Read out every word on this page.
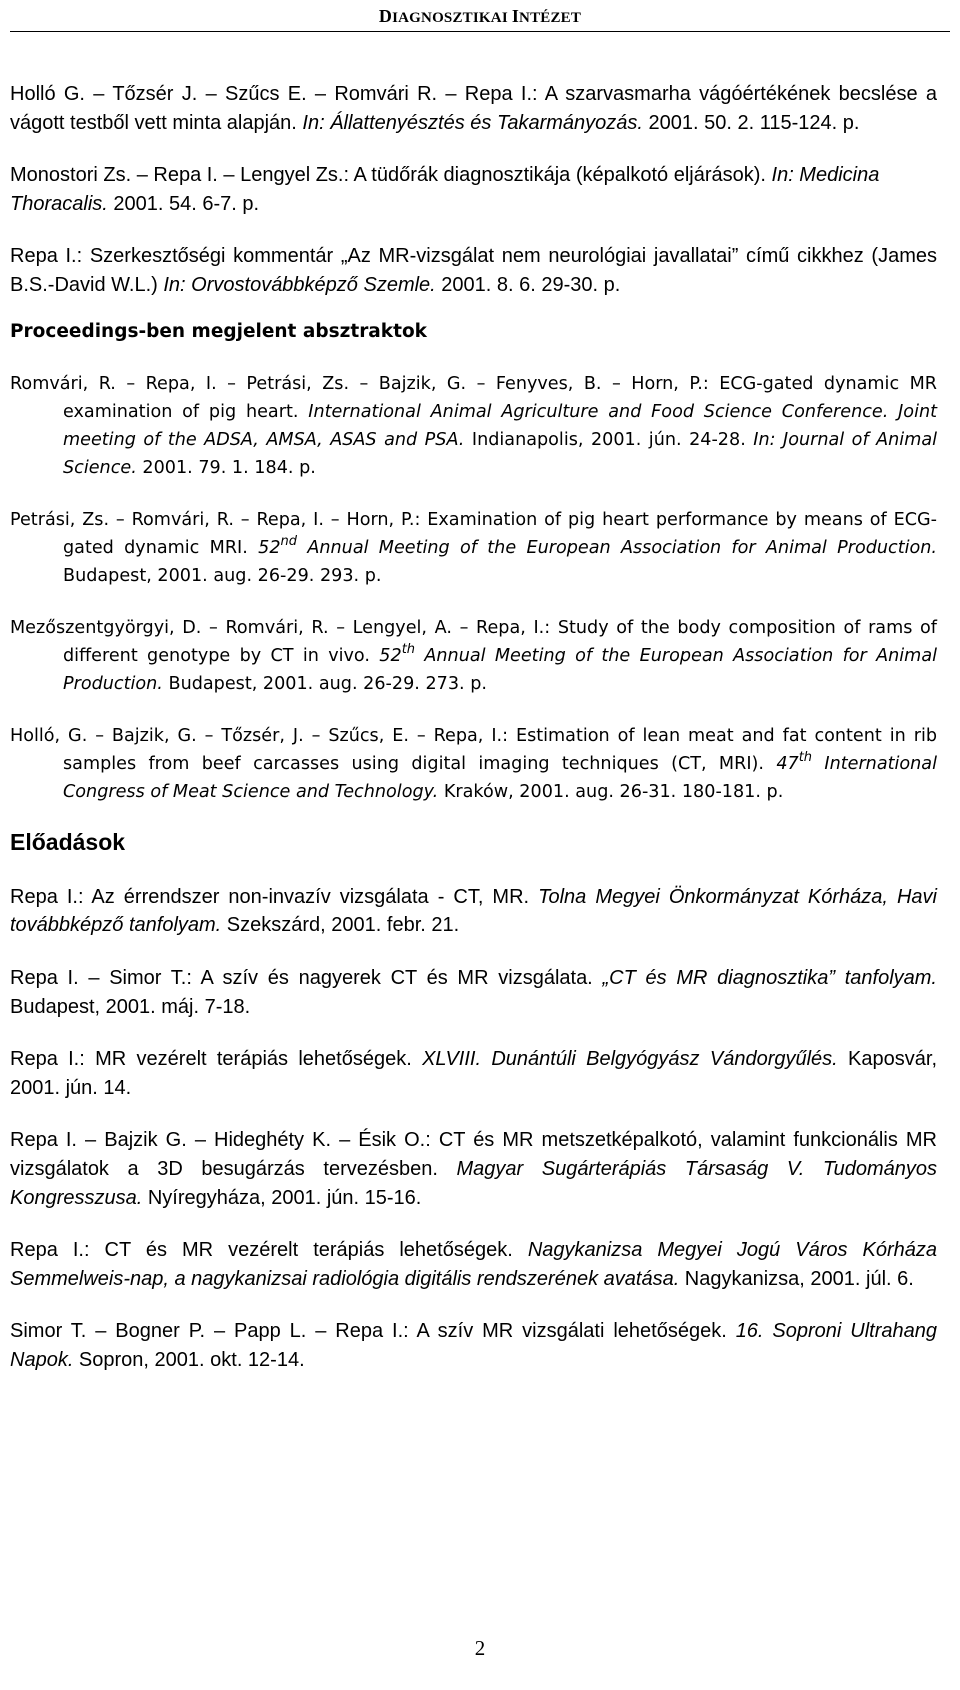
DIAGNOSZTIKAI INTÉZET

Holló G. – Tőzsér J. – Szűcs E. – Romvári R. – Repa I.: A szarvasmarha vágóértékének becslése a vágott testből vett minta alapján. In: Állattenyésztés és Takarmányozás. 2001. 50. 2. 115-124. p.

Monostori Zs. – Repa I. – Lengyel Zs.: A tüdőrák diagnosztikája (képalkotó eljárások). In: Medicina Thoracalis. 2001. 54. 6-7. p.

Repa I.: Szerkesztőségi kommentár „Az MR-vizsgálat nem neurológiai javallatai” című cikkhez (James B.S.-David W.L.) In: Orvostovábbképző Szemle. 2001. 8. 6. 29-30. p.

Proceedings-ben megjelent absztraktok

Romvári, R. – Repa, I. – Petrási, Zs. – Bajzik, G. – Fenyves, B. – Horn, P.: ECG-gated dynamic MR examination of pig heart. International Animal Agriculture and Food Science Conference. Joint meeting of the ADSA, AMSA, ASAS and PSA. Indianapolis, 2001. jún. 24-28. In: Journal of Animal Science. 2001. 79. 1. 184. p.

Petrási, Zs. – Romvári, R. – Repa, I. – Horn, P.: Examination of pig heart performance by means of ECG-gated dynamic MRI. 52nd Annual Meeting of the European Association for Animal Production. Budapest, 2001. aug. 26-29. 293. p.

Mezőszentgyörgyi, D. – Romvári, R. – Lengyel, A. – Repa, I.: Study of the body composition of rams of different genotype by CT in vivo. 52th Annual Meeting of the European Association for Animal Production. Budapest, 2001. aug. 26-29. 273. p.

Holló, G. – Bajzik, G. – Tőzsér, J. – Szűcs, E. – Repa, I.: Estimation of lean meat and fat content in rib samples from beef carcasses using digital imaging techniques (CT, MRI). 47th International Congress of Meat Science and Technology. Kraków, 2001. aug. 26-31. 180-181. p.

Előadások

Repa I.: Az érrendszer non-invazív vizsgálata - CT, MR. Tolna Megyei Önkormányzat Kórháza, Havi továbbképző tanfolyam. Szekszárd, 2001. febr. 21.

Repa I. – Simor T.: A szív és nagyerek CT és MR vizsgálata. „CT és MR diagnosztika” tanfolyam. Budapest, 2001. máj. 7-18.

Repa I.: MR vezérelt terápiás lehetőségek. XLVIII. Dunántúli Belgyógyász Vándorgyűlés. Kaposvár, 2001. jún. 14.

Repa I. – Bajzik G. – Hideghéty K. – Ésik O.: CT és MR metszetképalkotó, valamint funkcionális MR vizsgálatok a 3D besugárzás tervezésben. Magyar Sugárterápiás Társaság V. Tudományos Kongresszusa. Nyíregyháza, 2001. jún. 15-16.

Repa I.: CT és MR vezérelt terápiás lehetőségek. Nagykanizsa Megyei Jogú Város Kórháza Semmelweis-nap, a nagykanizsai radiológia digitális rendszerének avatása. Nagykanizsa, 2001. júl. 6.

Simor T. – Bogner P. – Papp L. – Repa I.: A szív MR vizsgálati lehetőségek. 16. Soproni Ultrahang Napok. Sopron, 2001. okt. 12-14.

2
